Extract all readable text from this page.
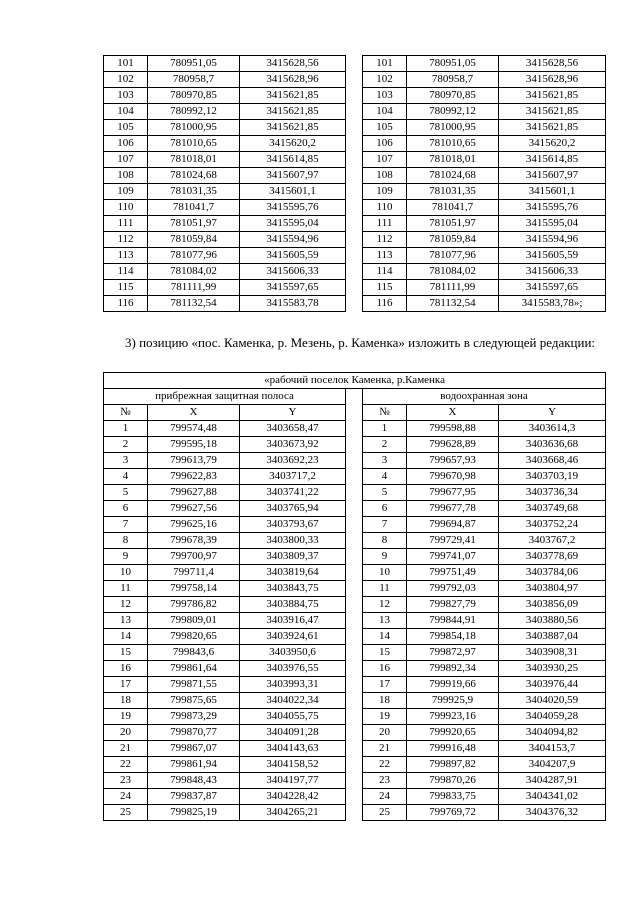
101	780951,05	3415628,56		101	780951,05	3415628,56
102	780958,7	3415628,96		102	780958,7	3415628,96
103	780970,85	3415621,85		103	780970,85	3415621,85
104	780992,12	3415621,85		104	780992,12	3415621,85
105	781000,95	3415621,85		105	781000,95	3415621,85
106	781010,65	3415620,2		106	781010,65	3415620,2
107	781018,01	3415614,85		107	781018,01	3415614,85
108	781024,68	3415607,97		108	781024,68	3415607,97
109	781031,35	3415601,1		109	781031,35	3415601,1
110	781041,7	3415595,76		110	781041,7	3415595,76
111	781051,97	3415595,04		111	781051,97	3415595,04
112	781059,84	3415594,96		112	781059,84	3415594,96
113	781077,96	3415605,59		113	781077,96	3415605,59
114	781084,02	3415606,33		114	781084,02	3415606,33
115	781111,99	3415597,65		115	781111,99	3415597,65
116	781132,54	3415583,78		116	781132,54	3415583,78»;

3) позицию «пос. Каменка, р. Мезень, р. Каменка» изложить в следующей редакции:

«рабочий поселок Каменка, р.Каменка						
прибрежная защитная полоса				водоохранная зона		
№	X	Y		№	X	Y
1	799574,48	3403658,47		1	799598,88	3403614,3
2	799595,18	3403673,92		2	799628,89	3403636,68
3	799613,79	3403692,23		3	799657,93	3403668,46
4	799622,83	3403717,2		4	799670,98	3403703,19
5	799627,88	3403741,22		5	799677,95	3403736,34
6	799627,56	3403765,94		6	799677,78	3403749,68
7	799625,16	3403793,67		7	799694,87	3403752,24
8	799678,39	3403800,33		8	799729,41	3403767,2
9	799700,97	3403809,37		9	799741,07	3403778,69
10	799711,4	3403819,64		10	799751,49	3403784,06
11	799758,14	3403843,75		11	799792,03	3403804,97
12	799786,82	3403884,75		12	799827,79	3403856,09
13	799809,01	3403916,47		13	799844,91	3403880,56
14	799820,65	3403924,61		14	799854,18	3403887,04
15	799843,6	3403950,6		15	799872,97	3403908,31
16	799861,64	3403976,55		16	799892,34	3403930,25
17	799871,55	3403993,31		17	799919,66	3403976,44
18	799875,65	3404022,34		18	799925,9	3404020,59
19	799873,29	3404055,75		19	799923,16	3404059,28
20	799870,77	3404091,28		20	799920,65	3404094,82
21	799867,07	3404143,63		21	799916,48	3404153,7
22	799861,94	3404158,52		22	799897,82	3404207,9
23	799848,43	3404197,77		23	799870,26	3404287,91
24	799837,87	3404228,42		24	799833,75	3404341,02
25	799825,19	3404265,21		25	799769,72	3404376,32
